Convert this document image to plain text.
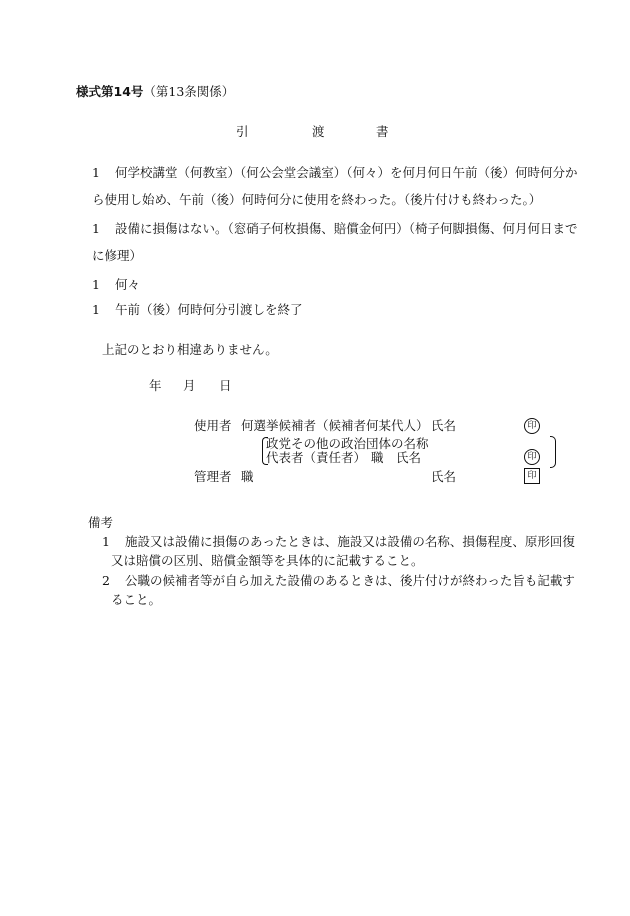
様式第14号（第13条関係）
引	渡	書
1 何学校講堂（何教室）（何公会堂会議室）（何々）を何月何日午前（後）何時何分か
ら使用し始め、午前（後）何時何分に使用を終わった。（後片付けも終わった。）
1 設備に損傷はない。（窓硝子何枚損傷、賠償金何円）（椅子何脚損傷、何月何日まで
に修理）
1 何々
1 午前（後）何時何分引渡しを終了
上記のとおり相違ありません。
年 月 日
使用者 何選挙候補者（候補者何某代人） 氏名	印
政党その他の政治団体の名称
代表者（責任者） 職　氏名	印
管理者 職	氏名	印
備考
1 施設又は設備に損傷のあったときは、施設又は設備の名称、損傷程度、原形回復
又は賠償の区別、賠償金額等を具体的に記載すること。
2 公職の候補者等が自ら加えた設備のあるときは、後片付けが終わった旨も記載す
ること。
